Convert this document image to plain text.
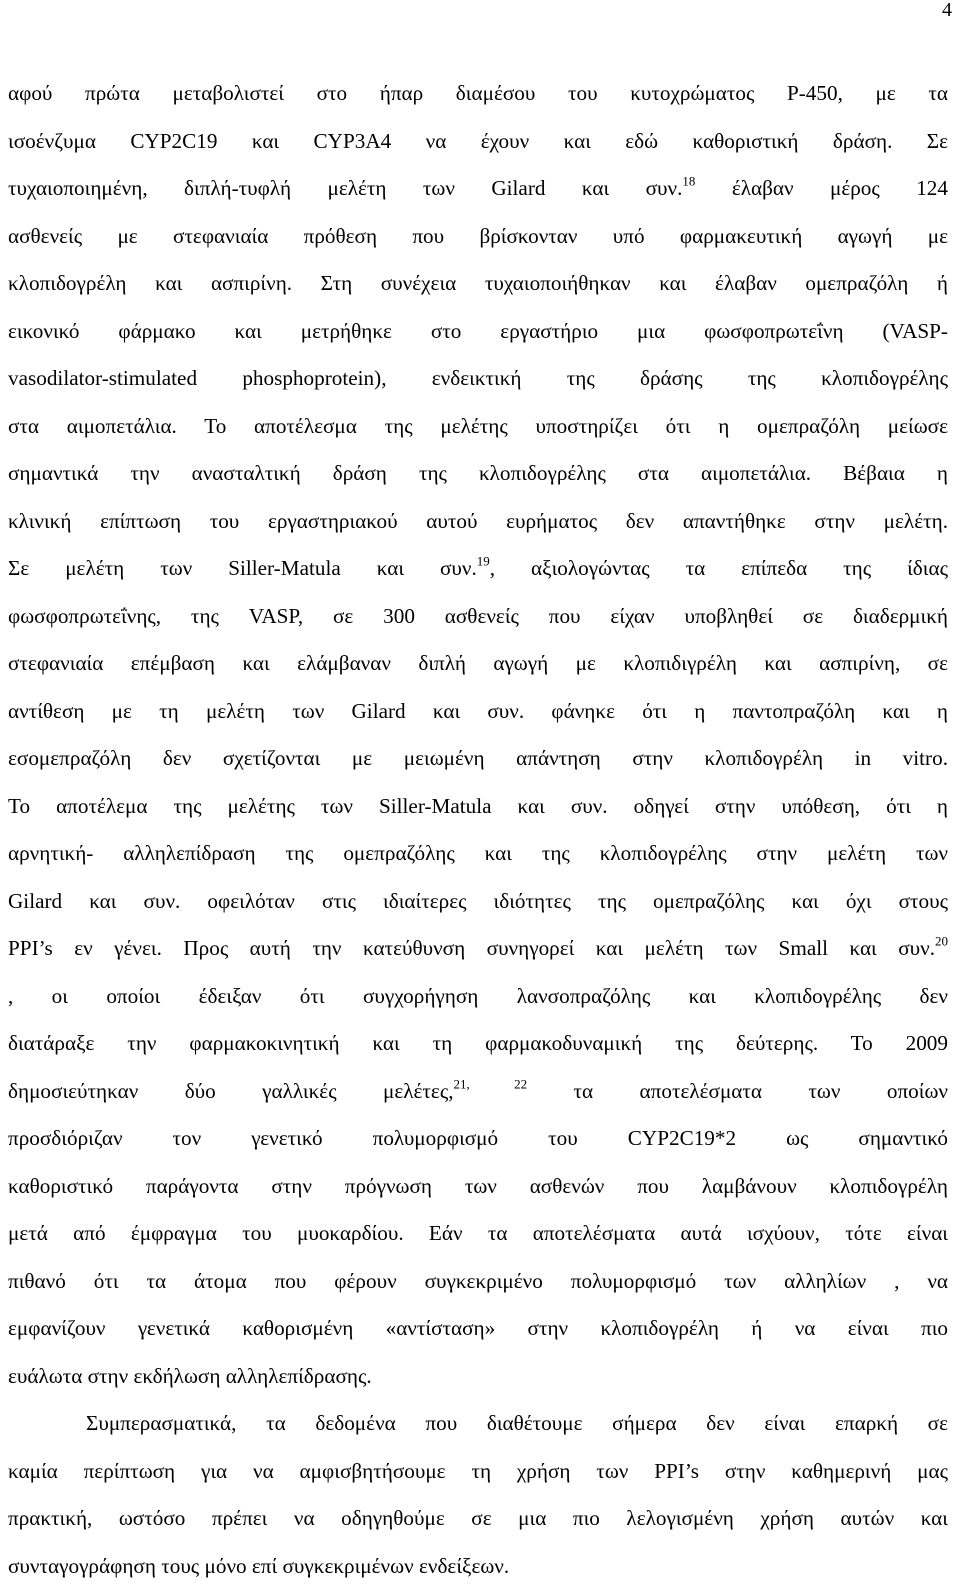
4
αφού πρώτα μεταβολιστεί στο ήπαρ διαμέσου του κυτοχρώματος P-450, με τα
ισοένζυμα CYP2C19 και CYP3A4 να έχουν και εδώ καθοριστική δράση. Σε
τυχαιοποιημένη, διπλή-τυφλή μελέτη των Gilard και συν.$^{18}$ έλαβαν μέρος 124
ασθενείς με στεφανιαία πρόθεση που βρίσκονταν υπό φαρμακευτική αγωγή με
κλοπιδογρέλη και ασπιρίνη. Στη συνέχεια τυχαιοποιήθηκαν και έλαβαν ομεπραζόλη ή
εικονικό φάρμακο και μετρήθηκε στο εργαστήριο μια φωσφοπρωτεΐνη (VASP-
vasodilator-stimulated phosphoprotein), ενδεικτική της δράσης της κλοπιδογρέλης
στα αιμοπετάλια. Το αποτέλεσμα της μελέτης υποστηρίζει ότι η ομεπραζόλη μείωσε
σημαντικά την ανασταλτική δράση της κλοπιδογρέλης στα αιμοπετάλια. Βέβαια η
κλινική επίπτωση του εργαστηριακού αυτού ευρήματος δεν απαντήθηκε στην μελέτη.
Σε μελέτη των Siller-Matula και συν.$^{19}$, αξιολογώντας τα επίπεδα της ίδιας
φωσφοπρωτεΐνης, της VASP, σε 300 ασθενείς που είχαν υποβληθεί σε διαδερμική
στεφανιαία επέμβαση και ελάμβαναν διπλή αγωγή με κλοπιδιγρέλη και ασπιρίνη, σε
αντίθεση με τη μελέτη των Gilard και συν. φάνηκε ότι η παντοπραζόλη και η
εσομεπραζόλη δεν σχετίζονται με μειωμένη απάντηση στην κλοπιδογρέλη in vitro.
Το αποτέλεμα της μελέτης των Siller-Matula και συν. οδηγεί στην υπόθεση, ότι η
αρνητική- αλληλεπίδραση της ομεπραζόλης και της κλοπιδογρέλης στην μελέτη των
Gilard και συν. οφειλόταν στις ιδιαίτερες ιδιότητες της ομεπραζόλης και όχι στους
PPI’s εν γένει. Προς αυτή την κατεύθυνση συνηγορεί και μελέτη των Small και συν.$^{20}$
, οι οποίοι έδειξαν ότι συγχορήγηση λανσοπραζόλης και κλοπιδογρέλης δεν
διατάραξε την φαρμακοκινητική και τη φαρμακοδυναμική της δεύτερης. Το 2009
δημοσιεύτηκαν δύο γαλλικές μελέτες,$^{21, 22}$ τα αποτελέσματα των οποίων
προσδιόριζαν τον γενετικό πολυμορφισμό του CYP2C19*2 ως σημαντικό
καθοριστικό παράγοντα στην πρόγνωση των ασθενών που λαμβάνουν κλοπιδογρέλη
μετά από έμφραγμα του μυοκαρδίου. Εάν τα αποτελέσματα αυτά ισχύουν, τότε είναι
πιθανό ότι τα άτομα που φέρουν συγκεκριμένο πολυμορφισμό των αλληλίων , να
εμφανίζουν γενετικά καθορισμένη «αντίσταση» στην κλοπιδογρέλη ή να είναι πιο
ευάλωτα στην εκδήλωση αλληλεπίδρασης.
Συμπερασματικά, τα δεδομένα που διαθέτουμε σήμερα δεν είναι επαρκή σε
καμία περίπτωση για να αμφισβητήσουμε τη χρήση των PPI’s στην καθημερινή μας
πρακτική, ωστόσο πρέπει να οδηγηθούμε σε μια πιο λελογισμένη χρήση αυτών και
συνταγογράφηση τους μόνο επί συγκεκριμένων ενδείξεων.
